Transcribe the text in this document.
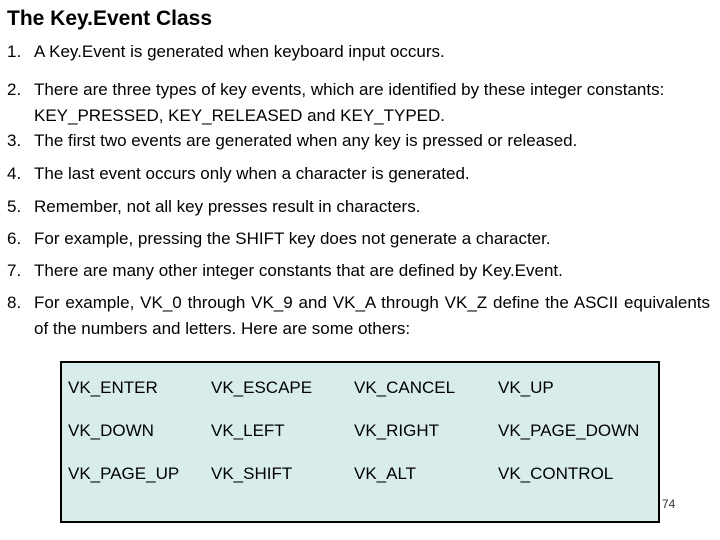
The Key.Event Class
1. A Key.Event is generated when keyboard input occurs.
2. There are three types of key events, which are identified by these integer constants: KEY_PRESSED, KEY_RELEASED and KEY_TYPED.
3. The first two events are generated when any key is pressed or released.
4. The last event occurs only when a character is generated.
5. Remember, not all key presses result in characters.
6. For example, pressing the SHIFT key does not generate a character.
7. There are many other integer constants that are defined by Key.Event.
8. For example, VK_0 through VK_9 and VK_A through VK_Z define the ASCII equivalents of the numbers and letters. Here are some others:
VK_ENTER	VK_ESCAPE VK_CANCEL	VK_UP
VK_DOWN	VK_LEFT	VK_RIGHT	VK_PAGE_DOWN
VK_PAGE_UP VK_SHIFT	VK_ALT	VK_CONTROL
74
